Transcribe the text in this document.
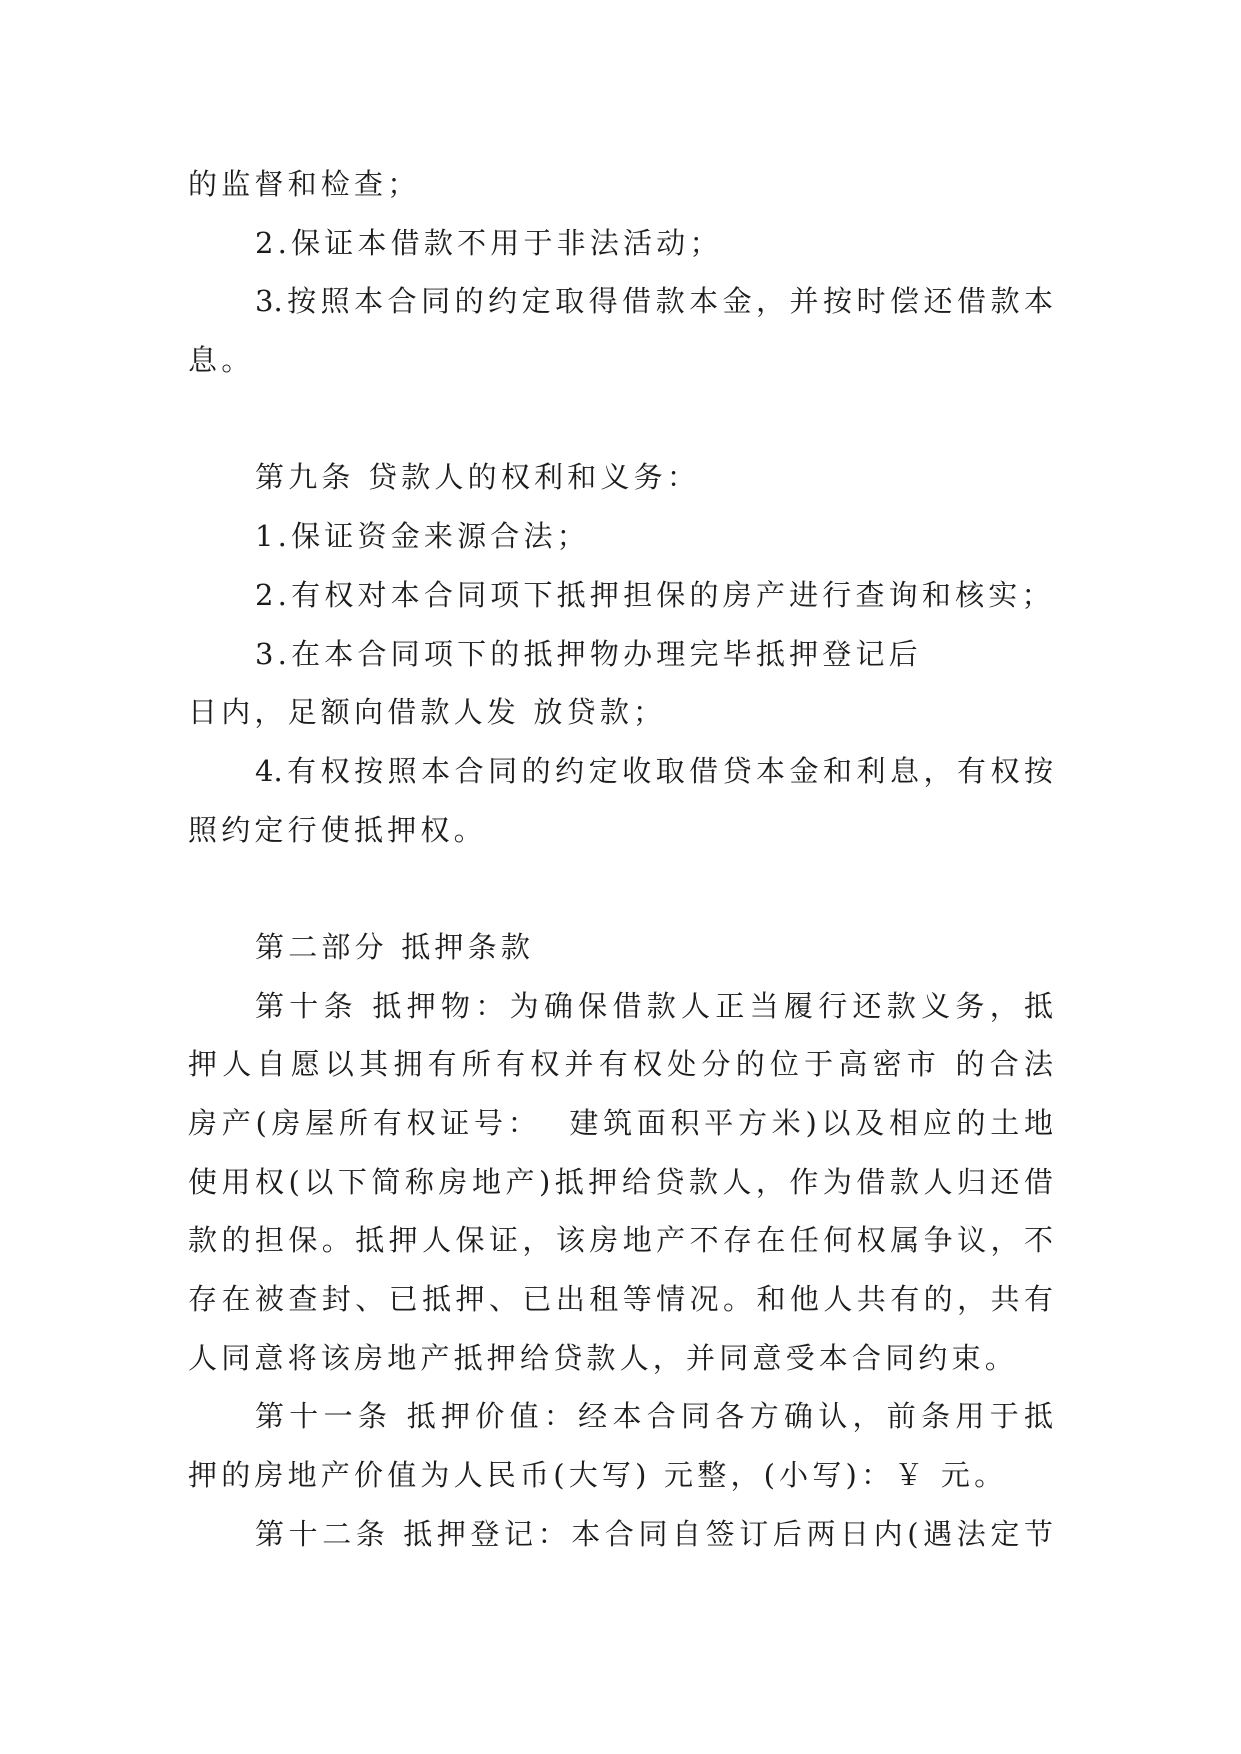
的监督和检查；
2.保证本借款不用于非法活动；
3.按照本合同的约定取得借款本金，并按时偿还借款本
息。
第九条 贷款人的权利和义务：
1.保证资金来源合法；
2.有权对本合同项下抵押担保的房产进行查询和核实；
3.在本合同项下的抵押物办理完毕抵押登记后
日内，足额向借款人发 放贷款；
4.有权按照本合同的约定收取借贷本金和利息，有权按
照约定行使抵押权。
第二部分 抵押条款
第十条 抵押物：为确保借款人正当履行还款义务，抵
押人自愿以其拥有所有权并有权处分的位于高密市 的合法
房产(房屋所有权证号：  建筑面积平方米)以及相应的土地
使用权(以下简称房地产)抵押给贷款人，作为借款人归还借
款的担保。抵押人保证，该房地产不存在任何权属争议，不
存在被查封、已抵押、已出租等情况。和他人共有的，共有
人同意将该房地产抵押给贷款人，并同意受本合同约束。
第十一条 抵押价值：经本合同各方确认，前条用于抵
押的房地产价值为人民币(大写) 元整，(小写)：￥ 元。
第十二条 抵押登记：本合同自签订后两日内(遇法定节
